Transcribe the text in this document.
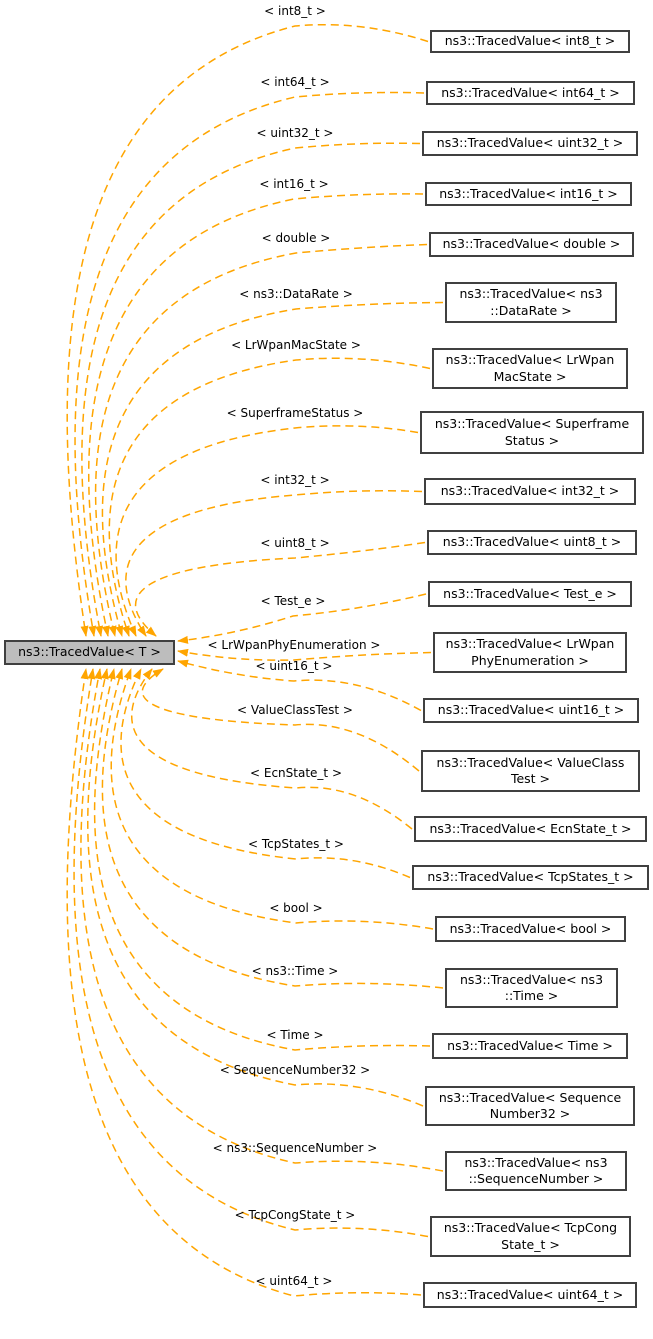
ns3::TracedValue< T >
ns3::TracedValue< int8_t >
< int8_t >
ns3::TracedValue< int64_t >
< int64_t >
ns3::TracedValue< uint32_t >
< uint32_t >
ns3::TracedValue< int16_t >
< int16_t >
ns3::TracedValue< double >
< double >
ns3::TracedValue< ns3
::DataRate >
< ns3::DataRate >
ns3::TracedValue< LrWpan
MacState >
< LrWpanMacState >
ns3::TracedValue< Superframe
Status >
< SuperframeStatus >
ns3::TracedValue< int32_t >
< int32_t >
ns3::TracedValue< uint8_t >
< uint8_t >
ns3::TracedValue< Test_e >
< Test_e >
ns3::TracedValue< LrWpan
PhyEnumeration >
< LrWpanPhyEnumeration >
ns3::TracedValue< uint16_t >
< uint16_t >
ns3::TracedValue< ValueClass
Test >
< ValueClassTest >
ns3::TracedValue< EcnState_t >
< EcnState_t >
ns3::TracedValue< TcpStates_t >
< TcpStates_t >
ns3::TracedValue< bool >
< bool >
ns3::TracedValue< ns3
::Time >
< ns3::Time >
ns3::TracedValue< Time >
< Time >
ns3::TracedValue< Sequence
Number32 >
< SequenceNumber32 >
ns3::TracedValue< ns3
::SequenceNumber >
< ns3::SequenceNumber >
ns3::TracedValue< TcpCong
State_t >
< TcpCongState_t >
ns3::TracedValue< uint64_t >
< uint64_t >
